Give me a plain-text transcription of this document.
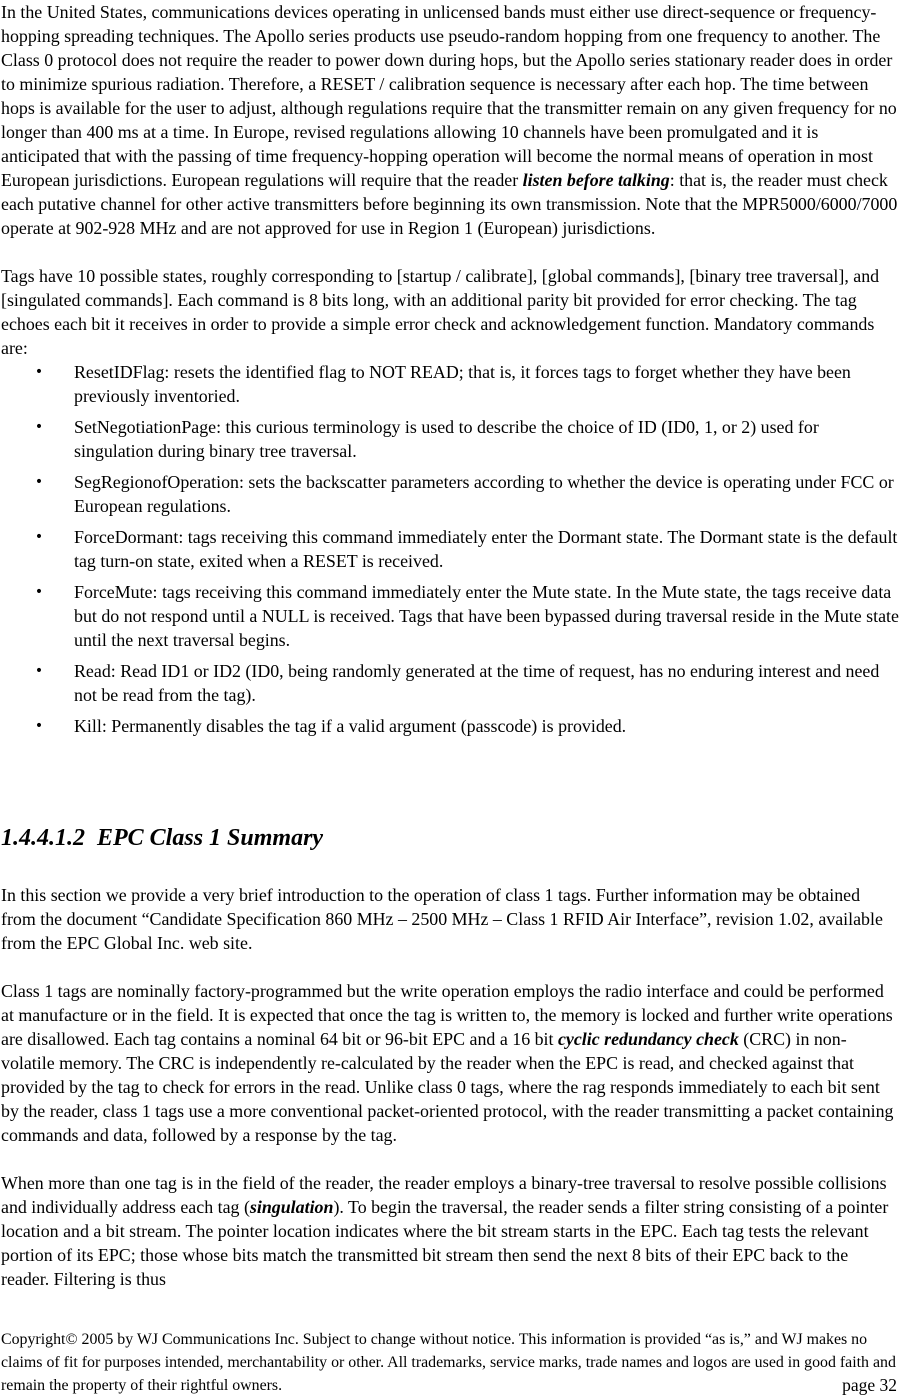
In the United States, communications devices operating in unlicensed bands must either use direct-sequence or frequency-hopping spreading techniques. The Apollo series products use pseudo-random hopping from one frequency to another. The Class 0 protocol does not require the reader to power down during hops, but the Apollo series stationary reader does in order to minimize spurious radiation. Therefore, a RESET / calibration sequence is necessary after each hop. The time between hops is available for the user to adjust, although regulations require that the transmitter remain on any given frequency for no longer than 400 ms at a time. In Europe, revised regulations allowing 10 channels have been promulgated and it is anticipated that with the passing of time frequency-hopping operation will become the normal means of operation in most European jurisdictions. European regulations will require that the reader listen before talking: that is, the reader must check each putative channel for other active transmitters before beginning its own transmission. Note that the MPR5000/6000/7000 operate at 902-928 MHz and are not approved for use in Region 1 (European) jurisdictions.

Tags have 10 possible states, roughly corresponding to [startup / calibrate], [global commands], [binary tree traversal], and [singulated commands]. Each command is 8 bits long, with an additional parity bit provided for error checking. The tag echoes each bit it receives in order to provide a simple error check and acknowledgement function. Mandatory commands are:

•	ResetIDFlag: resets the identified flag to NOT READ; that is, it forces tags to forget whether they have been previously inventoried.
•	SetNegotiationPage: this curious terminology is used to describe the choice of ID (ID0, 1, or 2) used for singulation during binary tree traversal.
•	SegRegionofOperation: sets the backscatter parameters according to whether the device is operating under FCC or European regulations.
•	ForceDormant: tags receiving this command immediately enter the Dormant state. The Dormant state is the default tag turn-on state, exited when a RESET is received.
•	ForceMute: tags receiving this command immediately enter the Mute state. In the Mute state, the tags receive data but do not respond until a NULL is received. Tags that have been bypassed during traversal reside in the Mute state until the next traversal begins.
•	Read: Read ID1 or ID2 (ID0, being randomly generated at the time of request, has no enduring interest and need not be read from the tag).
•	Kill: Permanently disables the tag if a valid argument (passcode) is provided.
1.4.4.1.2 EPC Class 1 Summary

In this section we provide a very brief introduction to the operation of class 1 tags. Further information may be obtained from the document “Candidate Specification 860 MHz – 2500 MHz – Class 1 RFID Air Interface”, revision 1.02, available from the EPC Global Inc. web site.

Class 1 tags are nominally factory-programmed but the write operation employs the radio interface and could be performed at manufacture or in the field. It is expected that once the tag is written to, the memory is locked and further write operations are disallowed. Each tag contains a nominal 64 bit or 96-bit EPC and a 16 bit cyclic redundancy check (CRC) in non-volatile memory. The CRC is independently re-calculated by the reader when the EPC is read, and checked against that provided by the tag to check for errors in the read. Unlike class 0 tags, where the rag responds immediately to each bit sent by the reader, class 1 tags use a more conventional packet-oriented protocol, with the reader transmitting a packet containing commands and data, followed by a response by the tag.

When more than one tag is in the field of the reader, the reader employs a binary-tree traversal to resolve possible collisions and individually address each tag (singulation). To begin the traversal, the reader sends a filter string consisting of a pointer location and a bit stream. The pointer location indicates where the bit stream starts in the EPC. Each tag tests the relevant portion of its EPC; those whose bits match the transmitted bit stream then send the next 8 bits of their EPC back to the reader. Filtering is thus

Copyright© 2005 by WJ Communications Inc. Subject to change without notice. This information is provided “as is,” and WJ makes no claims of fit for purposes intended, merchantability or other. All trademarks, service marks, trade names and logos are used in good faith and remain the property of their rightful owners.	page 32
